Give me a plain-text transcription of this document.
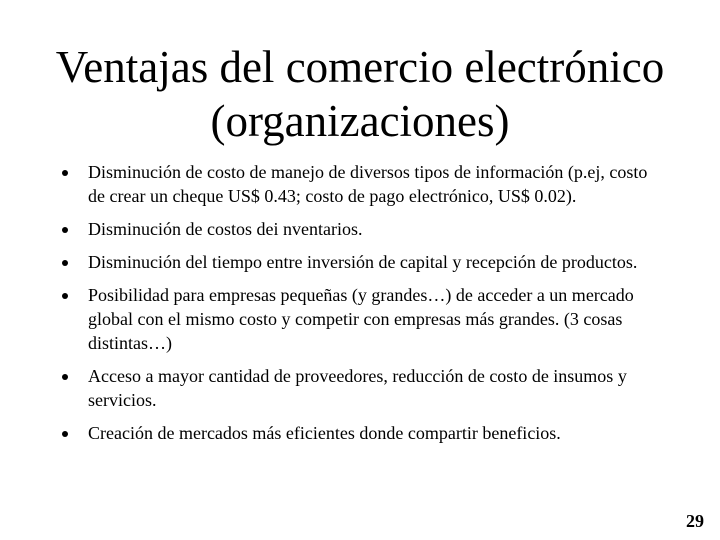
Ventajas del comercio electrónico
(organizaciones)
Disminución de costo de manejo de diversos tipos de información (p.ej, costo de crear un cheque US$ 0.43; costo de pago electrónico, US$ 0.02).
Disminución de costos dei nventarios.
Disminución del tiempo entre inversión de capital y recepción de productos.
Posibilidad para empresas pequeñas (y grandes…) de acceder a un mercado global con el mismo costo y competir con empresas más grandes. (3 cosas distintas…)
Acceso a mayor cantidad de proveedores, reducción de costo de insumos y servicios.
Creación de mercados más eficientes donde compartir beneficios.
29
